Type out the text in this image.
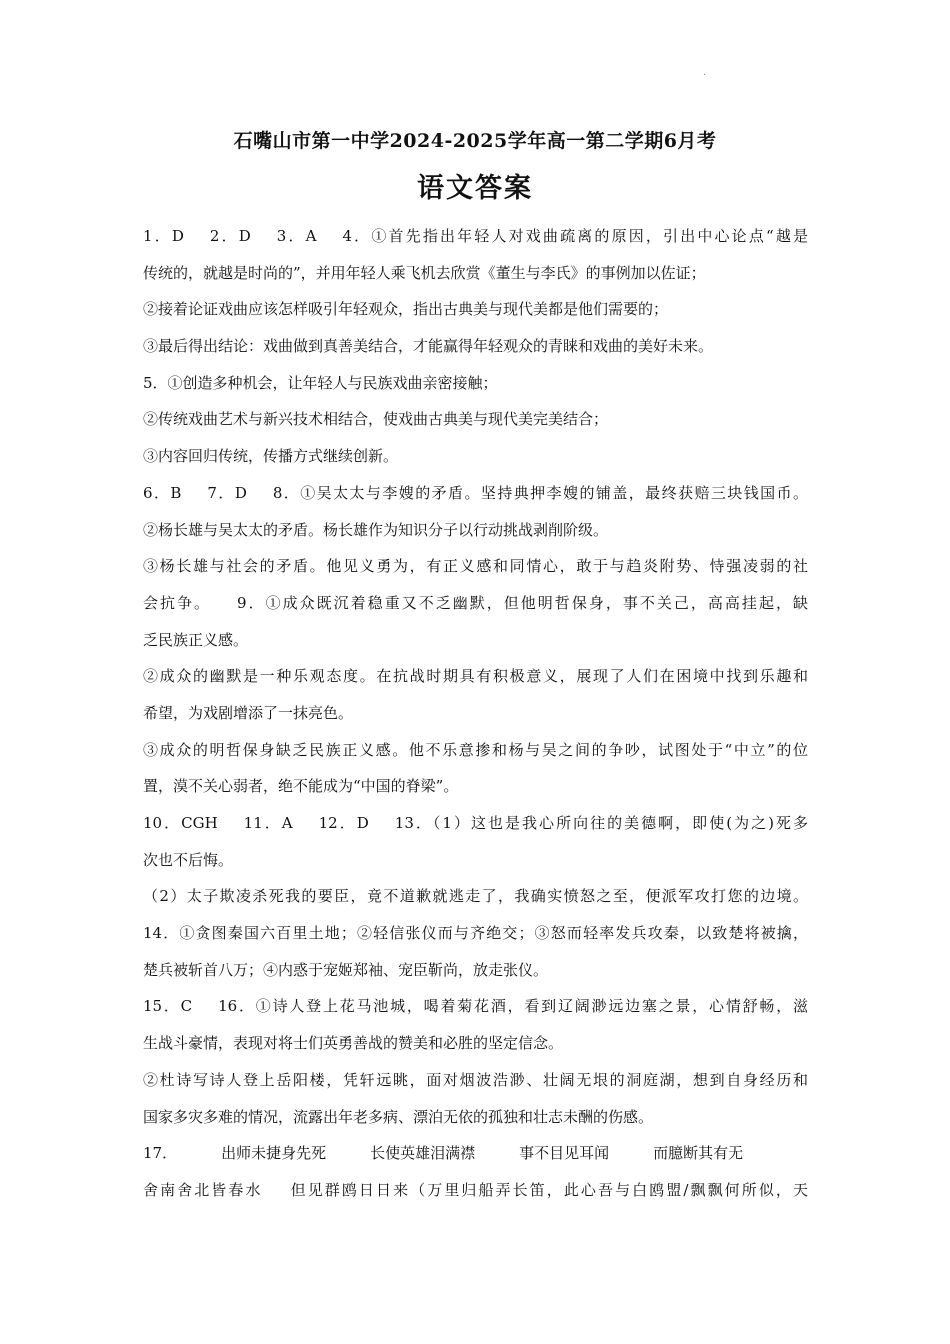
·
石嘴山市第一中学2024-2025学年高一第二学期6月考
语文答案
1．D 2．D 3．A 4．①首先指出年轻人对戏曲疏离的原因，引出中心论点“越是
传统的，就越是时尚的”，并用年轻人乘飞机去欣赏《董生与李氏》的事例加以佐证；
②接着论证戏曲应该怎样吸引年轻观众，指出古典美与现代美都是他们需要的；
③最后得出结论：戏曲做到真善美结合，才能赢得年轻观众的青睐和戏曲的美好未来。
5．①创造多种机会，让年轻人与民族戏曲亲密接触；
②传统戏曲艺术与新兴技术相结合，使戏曲古典美与现代美完美结合；
③内容回归传统，传播方式继续创新。
6．B 7．D 8．①吴太太与李嫂的矛盾。坚持典押李嫂的铺盖，最终获赔三块钱国币。
②杨长雄与吴太太的矛盾。杨长雄作为知识分子以行动挑战剥削阶级。
③杨长雄与社会的矛盾。他见义勇为，有正义感和同情心，敢于与趋炎附势、恃强凌弱的社
会抗争。 9．①成众既沉着稳重又不乏幽默，但他明哲保身，事不关己，高高挂起，缺
乏民族正义感。
②成众的幽默是一种乐观态度。在抗战时期具有积极意义，展现了人们在困境中找到乐趣和
希望，为戏剧增添了一抹亮色。
③成众的明哲保身缺乏民族正义感。他不乐意掺和杨与吴之间的争吵，试图处于“中立”的位
置，漠不关心弱者，绝不能成为“中国的脊梁”。
10．CGH 11．A 12．D 13．（1）这也是我心所向往的美德啊，即使(为之)死多
次也不后悔。
（2）太子欺凌杀死我的要臣，竟不道歉就逃走了，我确实愤怒之至，便派军攻打您的边境。
14．①贪图秦国六百里土地；②轻信张仪而与齐绝交；③怒而轻率发兵攻秦，以致楚将被擒，
楚兵被斩首八万；④内惑于宠姬郑袖、宠臣靳尚，放走张仪。
15．C 16．①诗人登上花马池城，喝着菊花酒，看到辽阔渺远边塞之景，心情舒畅，滋
生战斗豪情，表现对将士们英勇善战的赞美和必胜的坚定信念。
②杜诗写诗人登上岳阳楼，凭轩远眺，面对烟波浩渺、壮阔无垠的洞庭湖，想到自身经历和
国家多灾多难的情况，流露出年老多病、漂泊无依的孤独和壮志未酬的伤感。
17．	出师未捷身先死	长使英雄泪满襟	事不目见耳闻	而臆断其有无
舍南舍北皆春水 但见群鸥日日来（万里归船弄长笛，此心吾与白鸥盟/飘飘何所似，天
